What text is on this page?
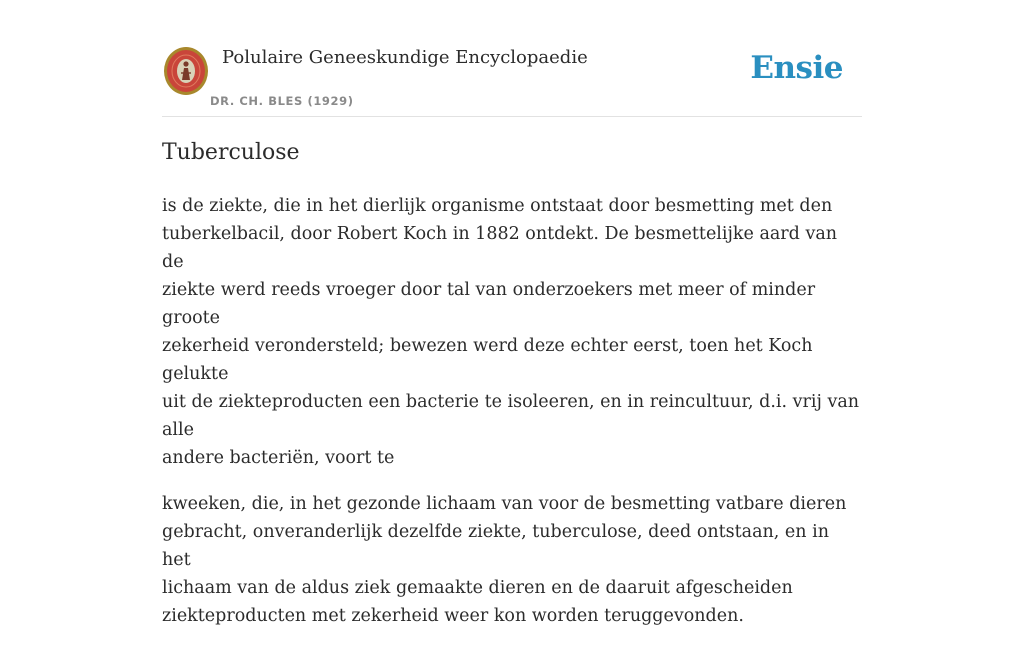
Polulaire Geneeskundige Encyclopaedie
DR. CH. BLES (1929)
Ensie
Tuberculose

is de ziekte, die in het dierlijk organisme ontstaat door besmetting met den
tuberkelbacil, door Robert Koch in 1882 ontdekt. De besmettelijke aard van de
ziekte werd reeds vroeger door tal van onderzoekers met meer of minder groote
zekerheid verondersteld; bewezen werd deze echter eerst, toen het Koch gelukte
uit de ziekteproducten een bacterie te isoleeren, en in reincultuur, d.i. vrij van alle
andere bacteriën, voort te

kweeken, die, in het gezonde lichaam van voor de besmetting vatbare dieren
gebracht, onveranderlijk dezelfde ziekte, tuberculose, deed ontstaan, en in het
lichaam van de aldus ziek gemaakte dieren en de daaruit afgescheiden
ziekteproducten met zekerheid weer kon worden teruggevonden.
